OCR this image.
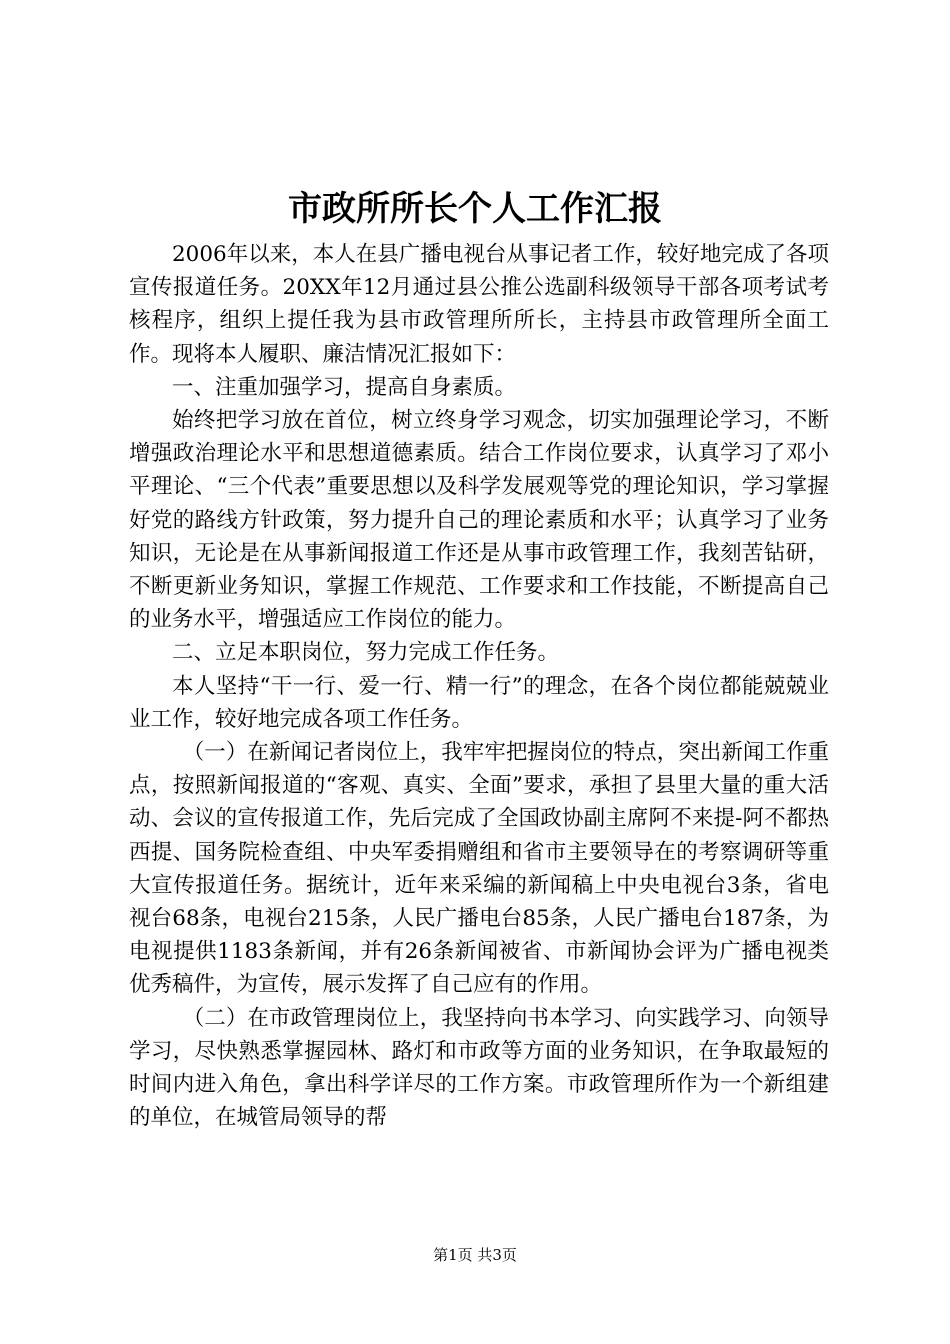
市政所所长个人工作汇报

2006年以来，本人在县广播电视台从事记者工作，较好地完成了各项宣传报道任务。20XX年12月通过县公推公选副科级领导干部各项考试考核程序，组织上提任我为县市政管理所所长，主持县市政管理所全面工作。现将本人履职、廉洁情况汇报如下：

一、注重加强学习，提高自身素质。

始终把学习放在首位，树立终身学习观念，切实加强理论学习，不断增强政治理论水平和思想道德素质。结合工作岗位要求，认真学习了邓小平理论、“三个代表”重要思想以及科学发展观等党的理论知识，学习掌握好党的路线方针政策，努力提升自己的理论素质和水平；认真学习了业务知识，无论是在从事新闻报道工作还是从事市政管理工作，我刻苦钻研，不断更新业务知识，掌握工作规范、工作要求和工作技能，不断提高自己的业务水平，增强适应工作岗位的能力。

二、立足本职岗位，努力完成工作任务。

本人坚持“干一行、爱一行、精一行”的理念，在各个岗位都能兢兢业业工作，较好地完成各项工作任务。

（一）在新闻记者岗位上，我牢牢把握岗位的特点，突出新闻工作重点，按照新闻报道的“客观、真实、全面”要求，承担了县里大量的重大活动、会议的宣传报道工作，先后完成了全国政协副主席阿不来提-阿不都热西提、国务院检查组、中央军委捐赠组和省市主要领导在的考察调研等重大宣传报道任务。据统计，近年来采编的新闻稿上中央电视台3条，省电视台68条，电视台215条，人民广播电台85条，人民广播电台187条，为电视提供1183条新闻，并有26条新闻被省、市新闻协会评为广播电视类优秀稿件，为宣传，展示发挥了自己应有的作用。

（二）在市政管理岗位上，我坚持向书本学习、向实践学习、向领导学习，尽快熟悉掌握园林、路灯和市政等方面的业务知识，在争取最短的时间内进入角色，拿出科学详尽的工作方案。市政管理所作为一个新组建的单位，在城管局领导的帮

第1页 共3页
